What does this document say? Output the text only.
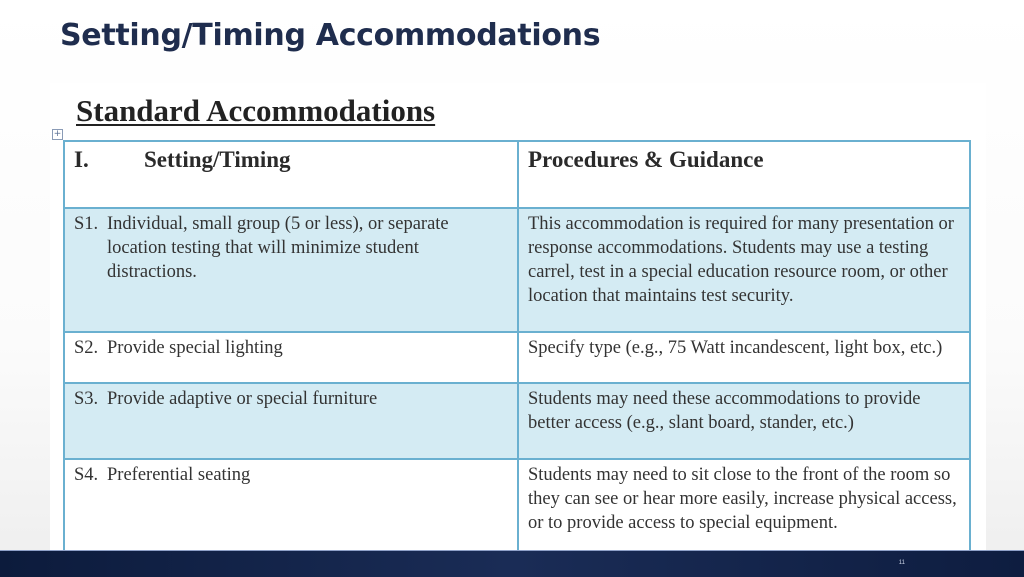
Setting/Timing Accommodations
Standard Accommodations
+
I. Setting/Timing	Procedures & Guidance

S1. Individual, small group (5 or less), or separate location testing that will minimize student distractions.	This accommodation is required for many presentation or response accommodations. Students may use a testing carrel, test in a special education resource room, or other location that maintains test security.

S2. Provide special lighting	Specify type (e.g., 75 Watt incandescent, light box, etc.)

S3. Provide adaptive or special furniture	Students may need these accommodations to provide better access (e.g., slant board, stander, etc.)

S4. Preferential seating	Students may need to sit close to the front of the room so they can see or hear more easily, increase physical access, or to provide access to special equipment.
11
